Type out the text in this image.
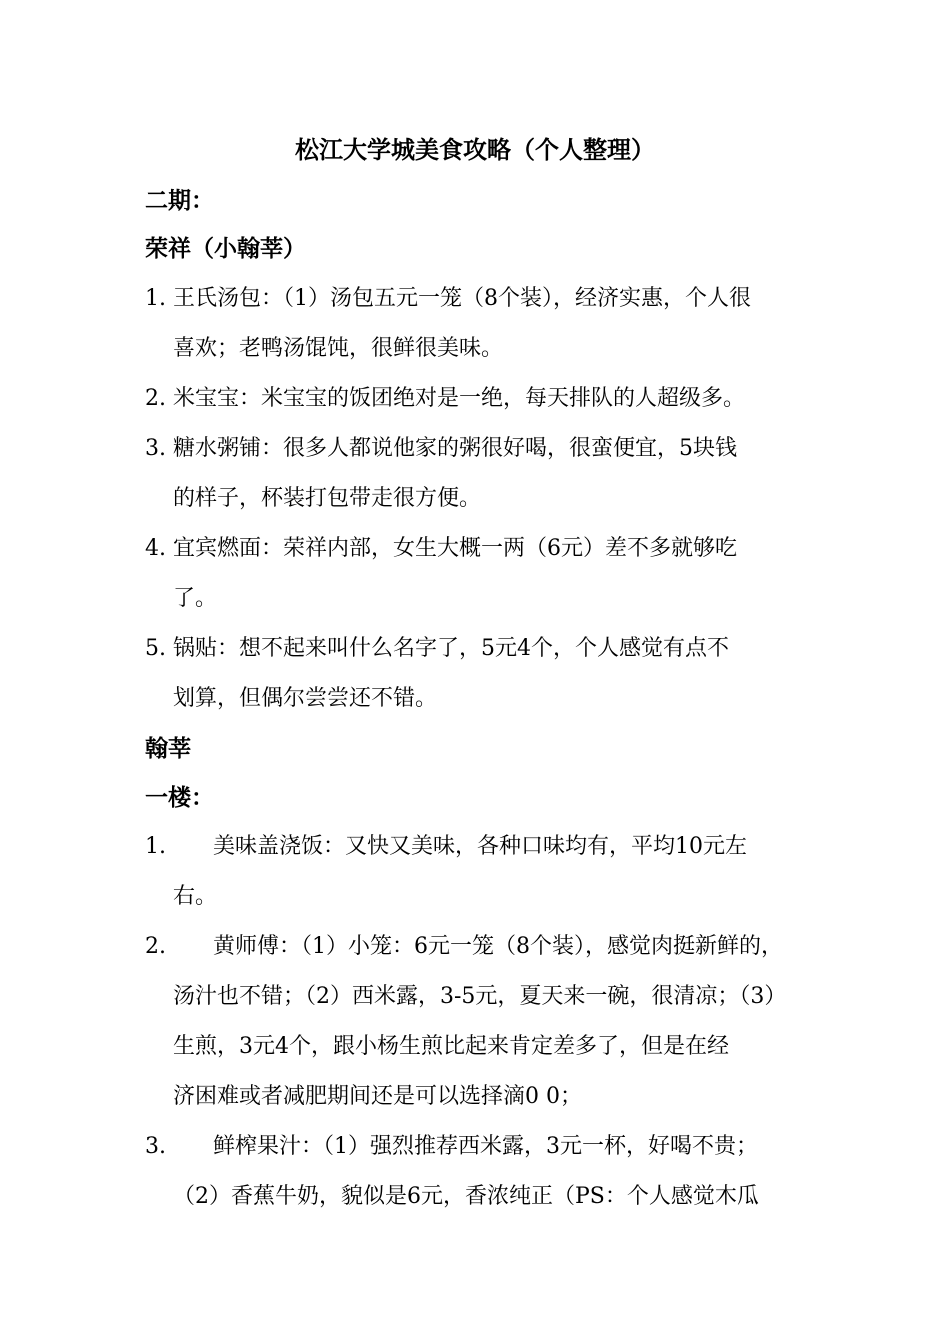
松江大学城美食攻略（个人整理）
二期：
荣祥（小翰莘）
1. 王氏汤包：（1）汤包五元一笼（8个装），经济实惠，个人很
喜欢；老鸭汤馄饨，很鲜很美味。
2. 米宝宝：米宝宝的饭团绝对是一绝，每天排队的人超级多。
3. 糖水粥铺：很多人都说他家的粥很好喝，很蛮便宜，5块钱
的样子，杯装打包带走很方便。
4. 宜宾燃面：荣祥内部，女生大概一两（6元）差不多就够吃
了。
5. 锅贴：想不起来叫什么名字了，5元4个，个人感觉有点不
划算，但偶尔尝尝还不错。
翰莘
一楼：
1.	美味盖浇饭：又快又美味，各种口味均有，平均10元左
右。
2.	黄师傅：（1）小笼：6元一笼（8个装），感觉肉挺新鲜的，
汤汁也不错；（2）西米露，3-5元，夏天来一碗，很清凉；（3）
生煎，3元4个，跟小杨生煎比起来肯定差多了，但是在经
济困难或者减肥期间还是可以选择滴0 0；
3.	鲜榨果汁：（1）强烈推荐西米露，3元一杯，好喝不贵；
（2）香蕉牛奶，貌似是6元，香浓纯正（PS：个人感觉木瓜
